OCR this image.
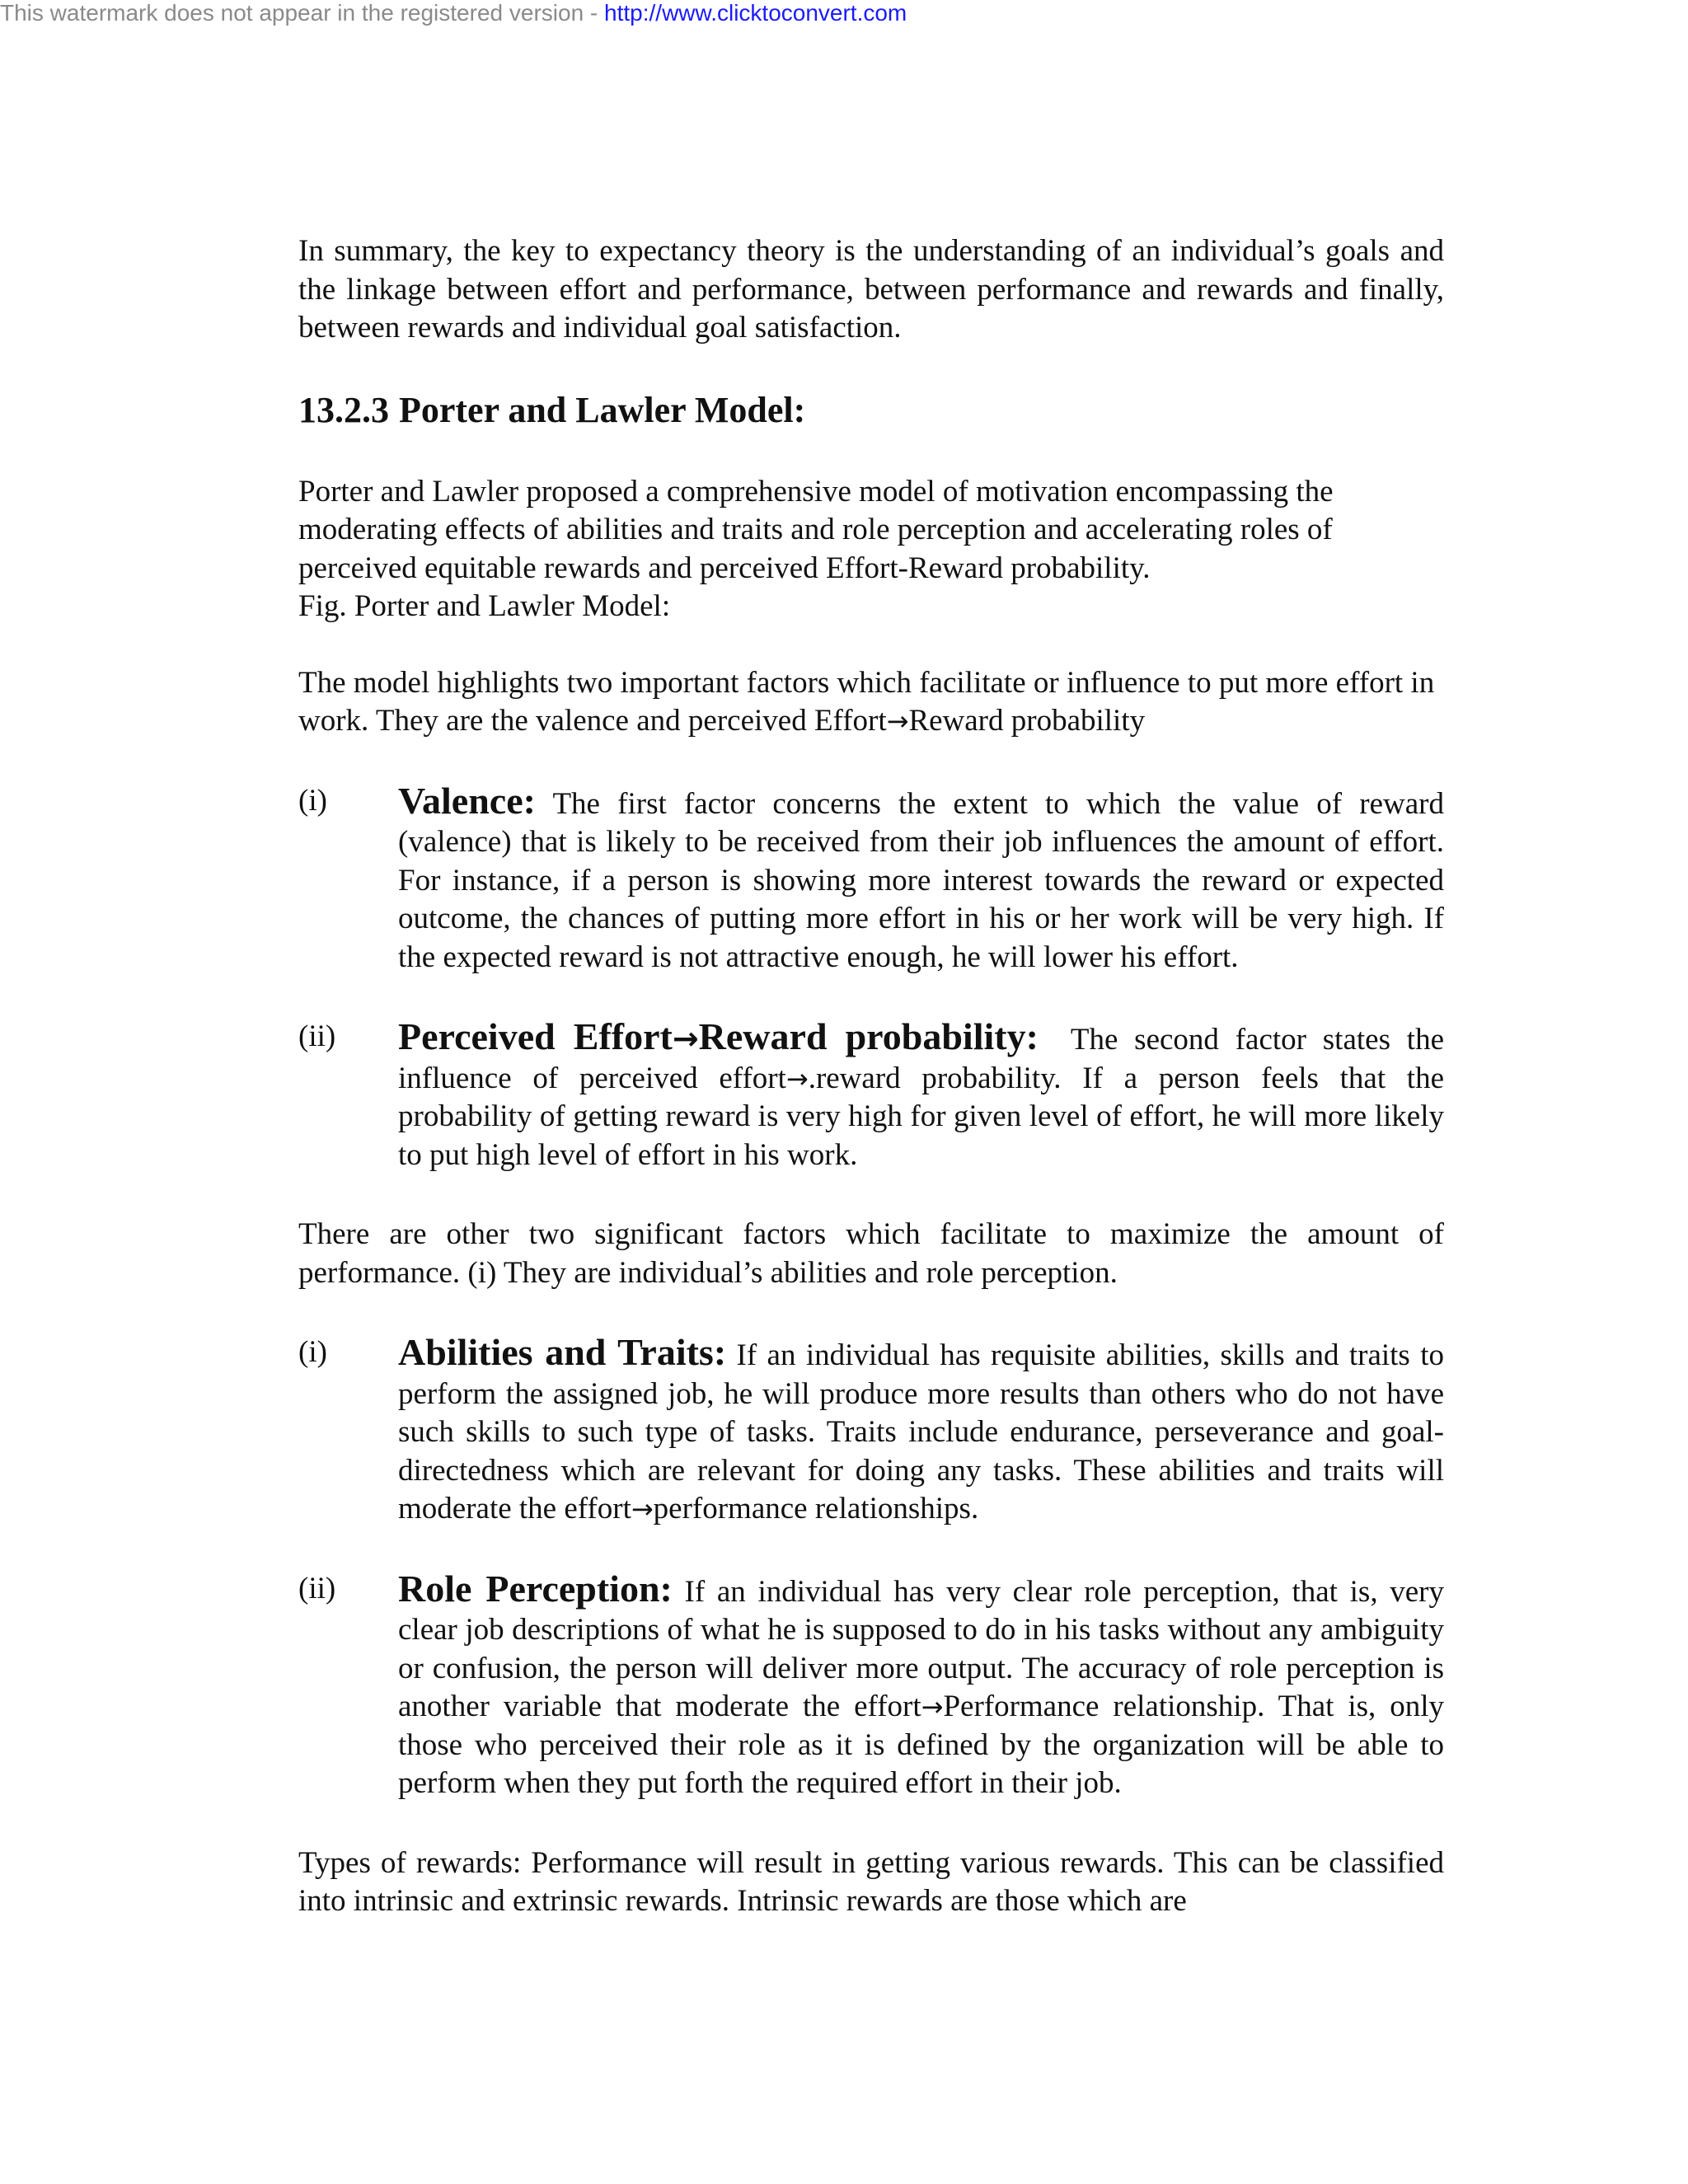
This watermark does not appear in the registered version - http://www.clicktoconvert.com

In summary, the key to expectancy theory is the understanding of an individual’s goals and the linkage between effort and performance, between performance and rewards and finally, between rewards and individual goal satisfaction.

13.2.3 Porter and Lawler Model:

Porter and Lawler proposed a comprehensive model of motivation encompassing the moderating effects of abilities and traits and role perception and accelerating roles of perceived equitable rewards and perceived Effort-Reward probability.

Fig. Porter and Lawler Model:

The model highlights two important factors which facilitate or influence to put more effort in work. They are the valence and perceived Effort→Reward probability

(i) Valence: The first factor concerns the extent to which the value of reward (valence) that is likely to be received from their job influences the amount of effort. For instance, if a person is showing more interest towards the reward or expected outcome, the chances of putting more effort in his or her work will be very high. If the expected reward is not attractive enough, he will lower his effort.

(ii) Perceived Effort→Reward probability:  The second factor states the influence of perceived effort→.reward probability. If a person feels that the probability of getting reward is very high for given level of effort, he will more likely to put high level of effort in his work.

There are other two significant factors which facilitate to maximize the amount of performance. (i) They are individual’s abilities and role perception.

(i) Abilities and Traits: If an individual has requisite abilities, skills and traits to perform the assigned job, he will produce more results than others who do not have such skills to such type of tasks. Traits include endurance, perseverance and goal-directedness which are relevant for doing any tasks. These abilities and traits will moderate the effort→performance relationships.

(ii) Role Perception: If an individual has very clear role perception, that is, very clear job descriptions of what he is supposed to do in his tasks without any ambiguity or confusion, the person will deliver more output. The accuracy of role perception is another variable that moderate the effort→Performance relationship. That is, only those who perceived their role as it is defined by the organization will be able to perform when they put forth the required effort in their job.

Types of rewards: Performance will result in getting various rewards. This can be classified into intrinsic and extrinsic rewards. Intrinsic rewards are those which are
